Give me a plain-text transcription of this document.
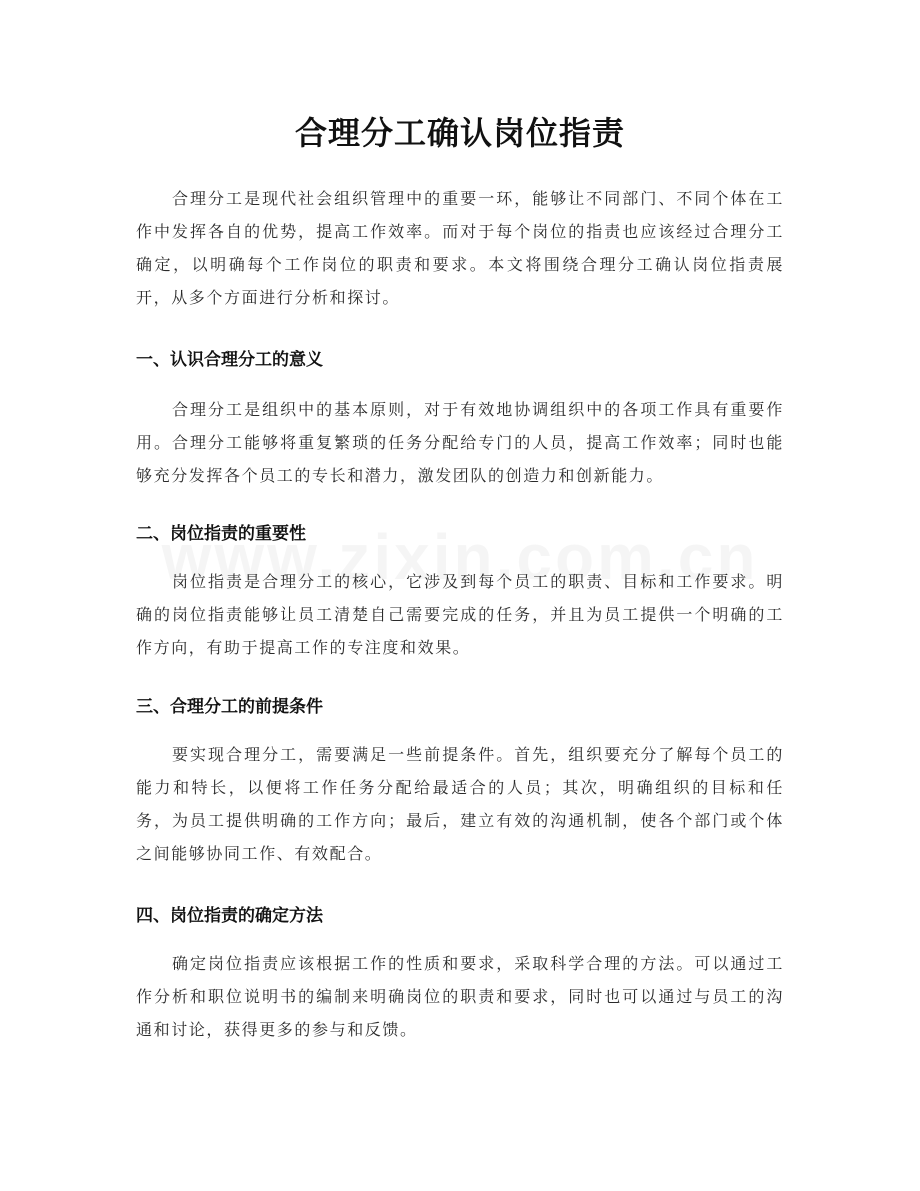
合理分工确认岗位指责

　　合理分工是现代社会组织管理中的重要一环，能够让不同部门、不同个体在工作中发挥各自的优势，提高工作效率。而对于每个岗位的指责也应该经过合理分工确定，以明确每个工作岗位的职责和要求。本文将围绕合理分工确认岗位指责展开，从多个方面进行分析和探讨。

一、认识合理分工的意义

　　合理分工是组织中的基本原则，对于有效地协调组织中的各项工作具有重要作用。合理分工能够将重复繁琐的任务分配给专门的人员，提高工作效率；同时也能够充分发挥各个员工的专长和潜力，激发团队的创造力和创新能力。

二、岗位指责的重要性

　　岗位指责是合理分工的核心，它涉及到每个员工的职责、目标和工作要求。明确的岗位指责能够让员工清楚自己需要完成的任务，并且为员工提供一个明确的工作方向，有助于提高工作的专注度和效果。

三、合理分工的前提条件

　　要实现合理分工，需要满足一些前提条件。首先，组织要充分了解每个员工的能力和特长，以便将工作任务分配给最适合的人员；其次，明确组织的目标和任务，为员工提供明确的工作方向；最后，建立有效的沟通机制，使各个部门或个体之间能够协同工作、有效配合。

四、岗位指责的确定方法

　　确定岗位指责应该根据工作的性质和要求，采取科学合理的方法。可以通过工作分析和职位说明书的编制来明确岗位的职责和要求，同时也可以通过与员工的沟通和讨论，获得更多的参与和反馈。
